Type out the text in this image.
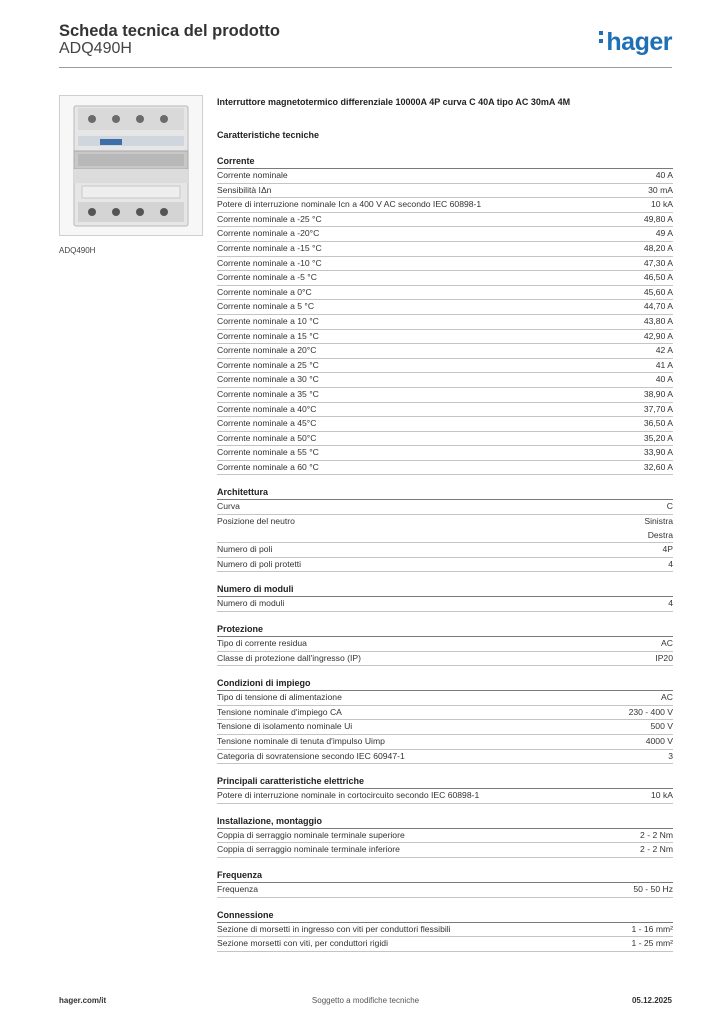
Scheda tecnica del prodotto
ADQ490H	hager
ADQ490H
Interruttore magnetotermico differenziale 10000A 4P curva C 40A tipo AC 30mA 4M
Caratteristiche tecniche
Corrente
Corrente nominale	40 A
Sensibilità IΔn	30 mA
Potere di interruzione nominale Icn a 400 V AC secondo IEC 60898-1	10 kA
Corrente nominale a -25 °C	49,80 A
Corrente nominale a -20°C	49 A
Corrente nominale a -15 °C	48,20 A
Corrente nominale a -10 °C	47,30 A
Corrente nominale a -5 °C	46,50 A
Corrente nominale a 0°C	45,60 A
Corrente nominale a 5 °C	44,70 A
Corrente nominale a 10 °C	43,80 A
Corrente nominale a 15 °C	42,90 A
Corrente nominale a 20°C	42 A
Corrente nominale a 25 °C	41 A
Corrente nominale a 30 °C	40 A
Corrente nominale a 35 °C	38,90 A
Corrente nominale a 40°C	37,70 A
Corrente nominale a 45°C	36,50 A
Corrente nominale a 50°C	35,20 A
Corrente nominale a 55 °C	33,90 A
Corrente nominale a 60 °C	32,60 A
Architettura
Curva	C
Posizione del neutro	Sinistra
Destra
Numero di poli	4P
Numero di poli protetti	4
Numero di moduli
Numero di moduli	4
Protezione
Tipo di corrente residua	AC
Classe di protezione dall'ingresso (IP)	IP20
Condizioni di impiego
Tipo di tensione di alimentazione	AC
Tensione nominale d'impiego CA	230 - 400 V
Tensione di isolamento nominale Ui	500 V
Tensione nominale di tenuta d'impulso Uimp	4000 V
Categoria di sovratensione secondo IEC 60947-1	3
Principali caratteristiche elettriche
Potere di interruzione nominale in cortocircuito secondo IEC 60898-1	10 kA
Installazione, montaggio
Coppia di serraggio nominale terminale superiore	2 - 2 Nm
Coppia di serraggio nominale terminale inferiore	2 - 2 Nm
Frequenza
Frequenza	50 - 50 Hz
Connessione
Sezione di morsetti in ingresso con viti per conduttori flessibili	1 - 16 mm²
Sezione morsetti con viti, per conduttori rigidi	1 - 25 mm²
hager.com/it	Soggetto a modifiche tecniche	05.12.2025
